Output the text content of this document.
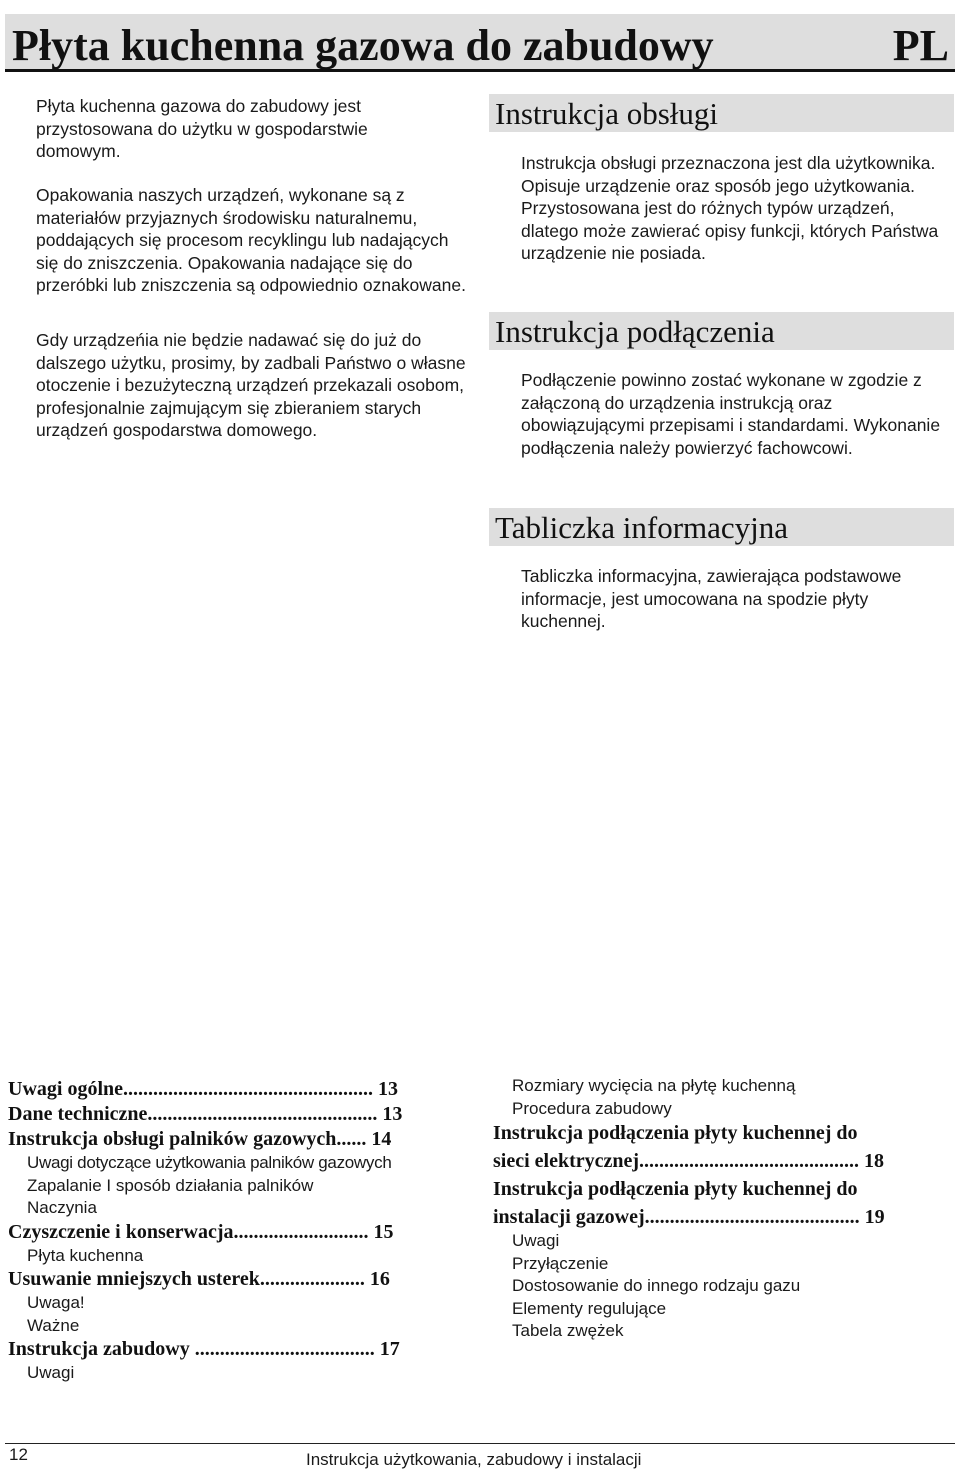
Płyta kuchenna gazowa do zabudowy	PL

Płyta kuchenna gazowa do zabudowy jest przystosowana do użytku w gospodarstwie domowym.

Opakowania naszych urządzeń, wykonane są z materiałów przyjaznych środowisku naturalnemu, poddających się procesom recyklingu lub nadających się do zniszczenia. Opakowania nadające się do przeróbki lub zniszczenia są odpowiednio oznakowane.

Gdy urządzeńia nie będzie nadawać się do już do dalszego użytku, prosimy, by zadbali Państwo o własne otoczenie i bezużyteczną urządzeń przekazali osobom, profesjonalnie zajmującym się zbieraniem starych urządzeń gospodarstwa domowego.

Instrukcja obsługi

Instrukcja obsługi przeznaczona jest dla użytkownika. Opisuje urządzenie oraz sposób jego użytkowania. Przystosowana jest do różnych typów urządzeń, dlatego może zawierać opisy funkcji, których Państwa urządzenie nie posiada.

Instrukcja podłączenia

Podłączenie powinno zostać wykonane w zgodzie z załączoną do urządzenia instrukcją oraz obowiązującymi przepisami i standardami. Wykonanie podłączenia należy powierzyć fachowcowi.

Tabliczka informacyjna

Tabliczka informacyjna, zawierająca podstawowe informacje, jest umocowana na spodzie płyty kuchennej.

Uwagi ogólne.................................................. 13
Dane techniczne.............................................. 13
Instrukcja obsługi palników gazowych...... 14
Uwagi dotyczące użytkowania palników gazowych
Zapalanie I sposób działania palników
Naczynia
Czyszczenie i konserwacja........................... 15
Płyta kuchenna
Usuwanie mniejszych usterek..................... 16
Uwaga!
Ważne
Instrukcja zabudowy .................................... 17
Uwagi
Rozmiary wycięcia na płytę kuchenną
Procedura zabudowy
Instrukcja podłączenia płyty kuchennej do
sieci elektrycznej............................................ 18
Instrukcja podłączenia płyty kuchennej do
instalacji gazowej........................................... 19
Uwagi
Przyłączenie
Dostosowanie do innego rodzaju gazu
Elementy regulujące
Tabela zwężek
12	Instrukcja użytkowania, zabudowy i instalacji
